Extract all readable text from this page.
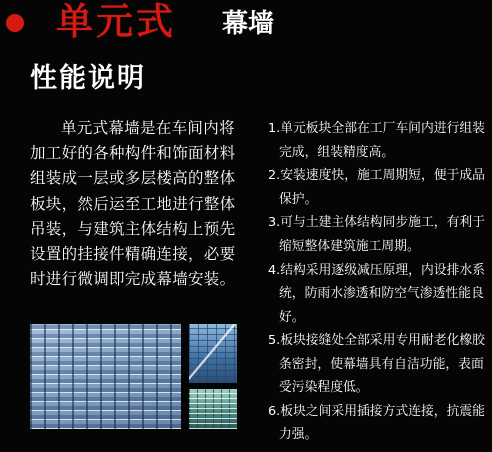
单元式 幕墙
性能说明
单元式幕墙是在车间内将加工好的各种构件和饰面材料组装成一层或多层楼高的整体板块，然后运至工地进行整体吊装，与建筑主体结构上预先设置的挂接件精确连接，必要时进行微调即完成幕墙安装。

1.单元板块全部在工厂车间内进行组装完成，组装精度高。

2.安装速度快，施工周期短，便于成品保护。

3.可与土建主体结构同步施工，有利于缩短整体建筑施工周期。

4.结构采用逐级减压原理，内设排水系统，防雨水渗透和防空气渗透性能良好。

5.板块接缝处全部采用专用耐老化橡胶条密封，使幕墙具有自洁功能，表面受污染程度低。

6.板块之间采用插接方式连接，抗震能力强。
